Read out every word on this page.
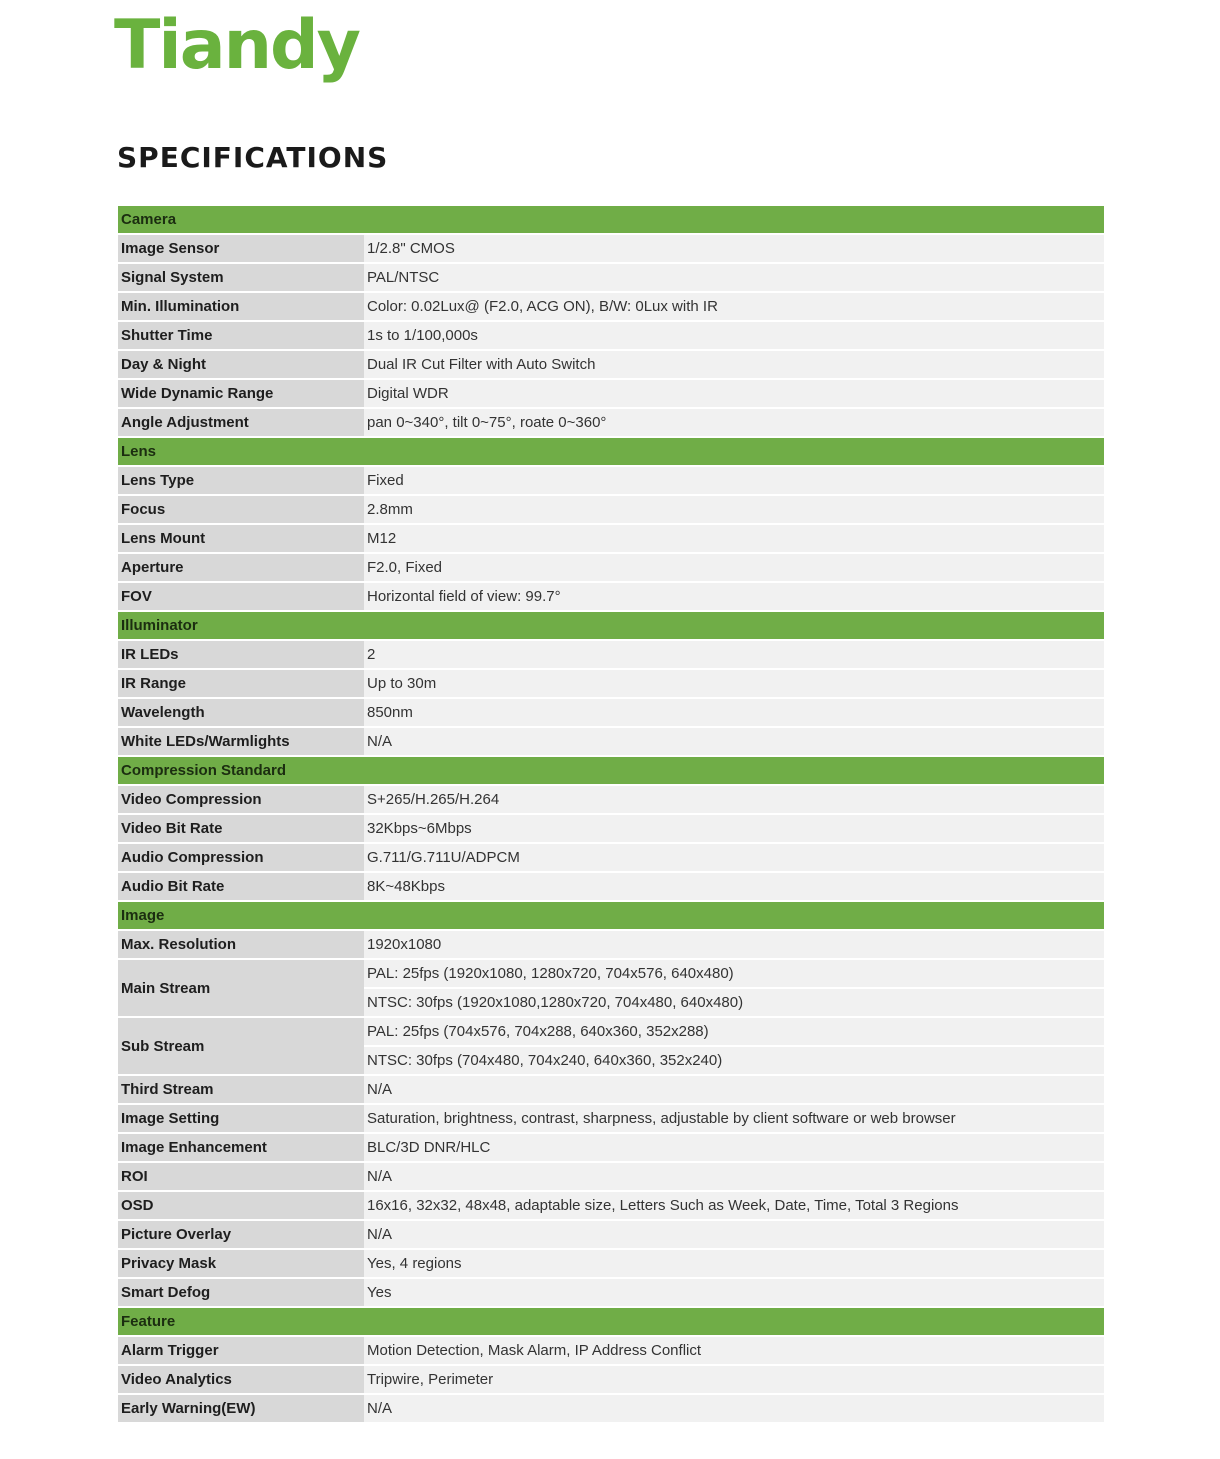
Tiandy
SPECIFICATIONS
Camera	
Image Sensor	1/2.8" CMOS
Signal System	PAL/NTSC
Min. Illumination	Color: 0.02Lux@ (F2.0, ACG ON), B/W: 0Lux with IR
Shutter Time	1s to 1/100,000s
Day & Night	Dual IR Cut Filter with Auto Switch
Wide Dynamic Range	Digital WDR
Angle Adjustment	pan 0~340°, tilt 0~75°, roate 0~360°
Lens	
Lens Type	Fixed
Focus	2.8mm
Lens Mount	M12
Aperture	F2.0, Fixed
FOV	Horizontal field of view: 99.7°
Illuminator	
IR LEDs	2
IR Range	Up to 30m
Wavelength	850nm
White LEDs/Warmlights	N/A
Compression Standard	
Video Compression	S+265/H.265/H.264
Video Bit Rate	32Kbps~6Mbps
Audio Compression	G.711/G.711U/ADPCM
Audio Bit Rate	8K~48Kbps
Image	
Max. Resolution	1920x1080
Main Stream	PAL: 25fps (1920x1080, 1280x720, 704x576, 640x480)
	NTSC: 30fps (1920x1080,1280x720, 704x480, 640x480)
Sub Stream	PAL: 25fps (704x576, 704x288, 640x360, 352x288)
	NTSC: 30fps (704x480, 704x240, 640x360, 352x240)
Third Stream	N/A
Image Setting	Saturation, brightness, contrast, sharpness, adjustable by client software or web browser
Image Enhancement	BLC/3D DNR/HLC
ROI	N/A
OSD	16x16, 32x32, 48x48, adaptable size, Letters Such as Week, Date, Time, Total 3 Regions
Picture Overlay	N/A
Privacy Mask	Yes, 4 regions
Smart Defog	Yes
Feature	
Alarm Trigger	Motion Detection, Mask Alarm, IP Address Conflict
Video Analytics	Tripwire, Perimeter
Early Warning(EW)	N/A
